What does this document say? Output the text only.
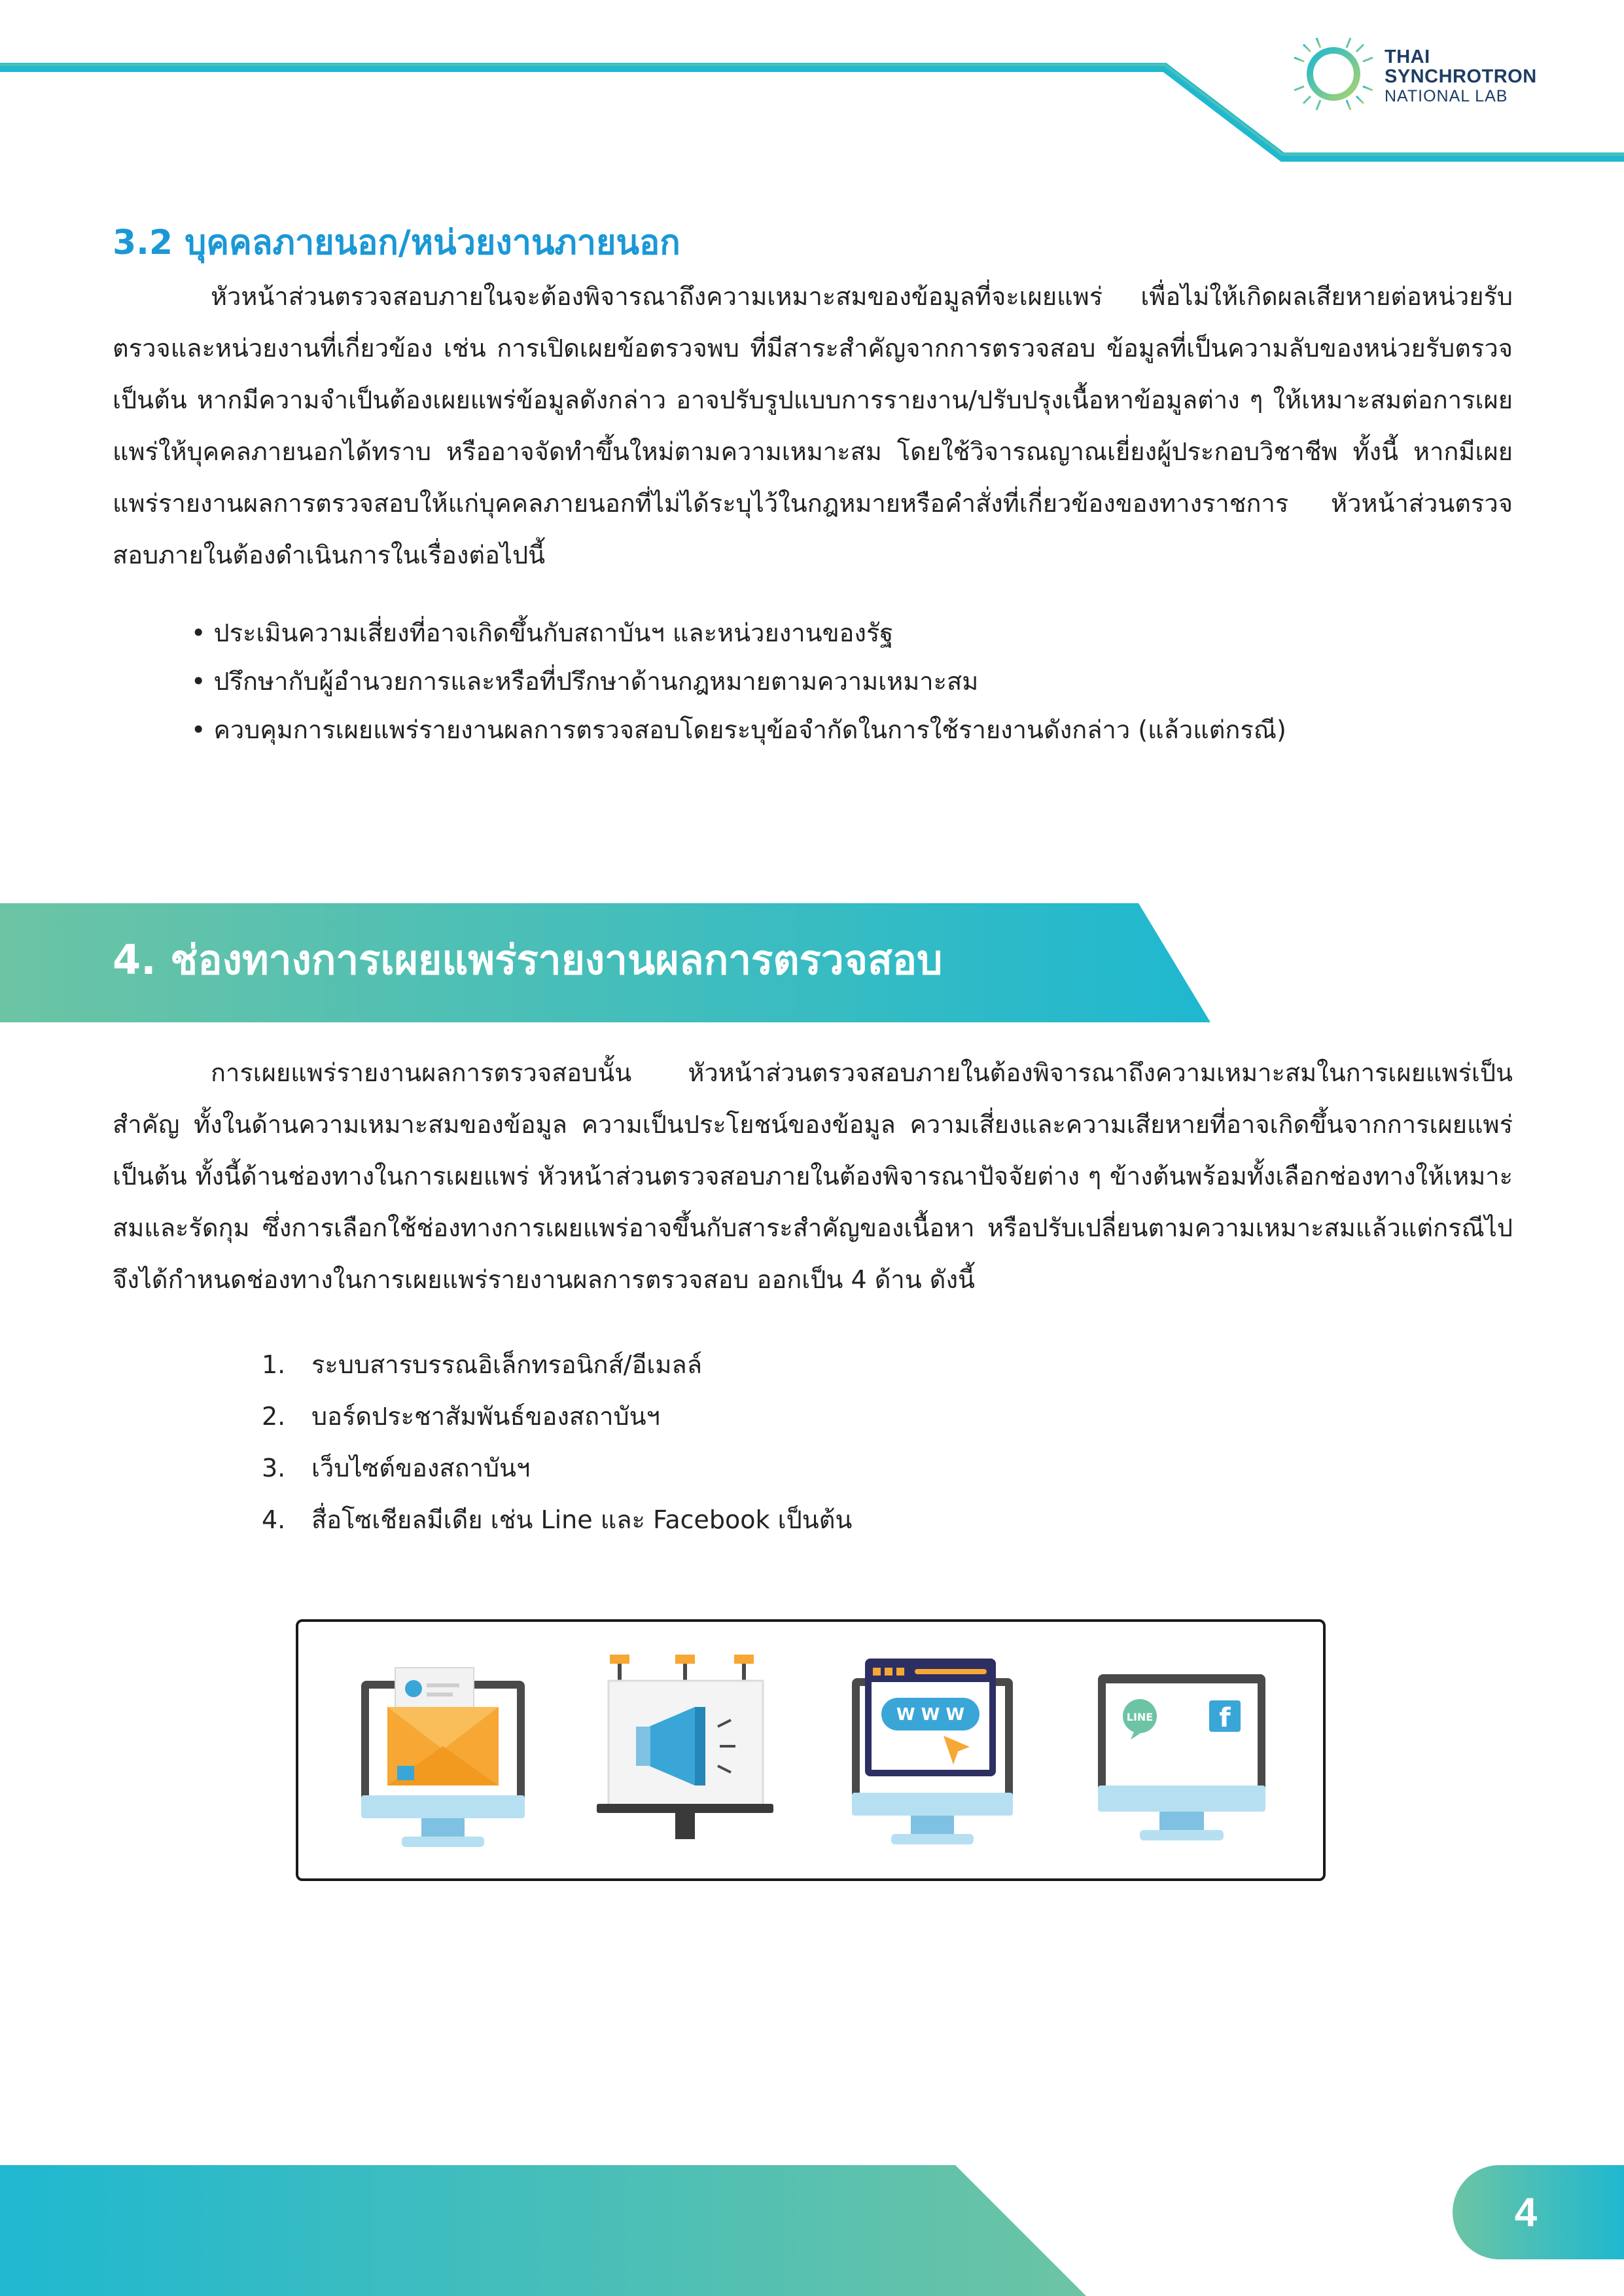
THAI
SYNCHROTRON
NATIONAL LAB
3.2 บุคคลภายนอก/หน่วยงานภายนอก

หัวหน้าส่วนตรวจสอบภายในจะต้องพิจารณาถึงความเหมาะสมของข้อมูลที่จะเผยแพร่ เพื่อไม่ให้เกิดผลเสียหายต่อหน่วยรับตรวจและหน่วยงานที่เกี่ยวข้อง เช่น การเปิดเผยข้อตรวจพบ ที่มีสาระสำคัญจากการตรวจสอบ ข้อมูลที่เป็นความลับของหน่วยรับตรวจ เป็นต้น หากมีความจำเป็นต้องเผยแพร่ข้อมูลดังกล่าว อาจปรับรูปแบบการรายงาน/ปรับปรุงเนื้อหาข้อมูลต่าง ๆ ให้เหมาะสมต่อการเผยแพร่ให้บุคคลภายนอกได้ทราบ หรืออาจจัดทำขึ้นใหม่ตามความเหมาะสม โดยใช้วิจารณญาณเยี่ยงผู้ประกอบวิชาชีพ ทั้งนี้ หากมีเผยแพร่รายงานผลการตรวจสอบให้แก่บุคคลภายนอกที่ไม่ได้ระบุไว้ในกฎหมายหรือคำสั่งที่เกี่ยวข้องของทางราชการ หัวหน้าส่วนตรวจสอบภายในต้องดำเนินการในเรื่องต่อไปนี้

• ประเมินความเสี่ยงที่อาจเกิดขึ้นกับสถาบันฯ และหน่วยงานของรัฐ
• ปรึกษากับผู้อำนวยการและหรือที่ปรึกษาด้านกฎหมายตามความเหมาะสม
• ควบคุมการเผยแพร่รายงานผลการตรวจสอบโดยระบุข้อจำกัดในการใช้รายงานดังกล่าว (แล้วแต่กรณี)
4. ช่องทางการเผยแพร่รายงานผลการตรวจสอบ

การเผยแพร่รายงานผลการตรวจสอบนั้น หัวหน้าส่วนตรวจสอบภายในต้องพิจารณาถึงความเหมาะสมในการเผยแพร่เป็นสำคัญ ทั้งในด้านความเหมาะสมของข้อมูล ความเป็นประโยชน์ของข้อมูล ความเสี่ยงและความเสียหายที่อาจเกิดขึ้นจากการเผยแพร่ เป็นต้น ทั้งนี้ด้านช่องทางในการเผยแพร่ หัวหน้าส่วนตรวจสอบภายในต้องพิจารณาปัจจัยต่าง ๆ ข้างต้นพร้อมทั้งเลือกช่องทางให้เหมาะสมและรัดกุม ซึ่งการเลือกใช้ช่องทางการเผยแพร่อาจขึ้นกับสาระสำคัญของเนื้อหา หรือปรับเปลี่ยนตามความเหมาะสมแล้วแต่กรณีไป จึงได้กำหนดช่องทางในการเผยแพร่รายงานผลการตรวจสอบ ออกเป็น 4 ด้าน ดังนี้

1.	ระบบสารบรรณอิเล็กทรอนิกส์/อีเมลล์
2.	บอร์ดประชาสัมพันธ์ของสถาบันฯ
3.	เว็บไซต์ของสถาบันฯ
4.	สื่อโซเชียลมีเดีย เช่น Line และ Facebook เป็นต้น
W W W	LINE	f
4
